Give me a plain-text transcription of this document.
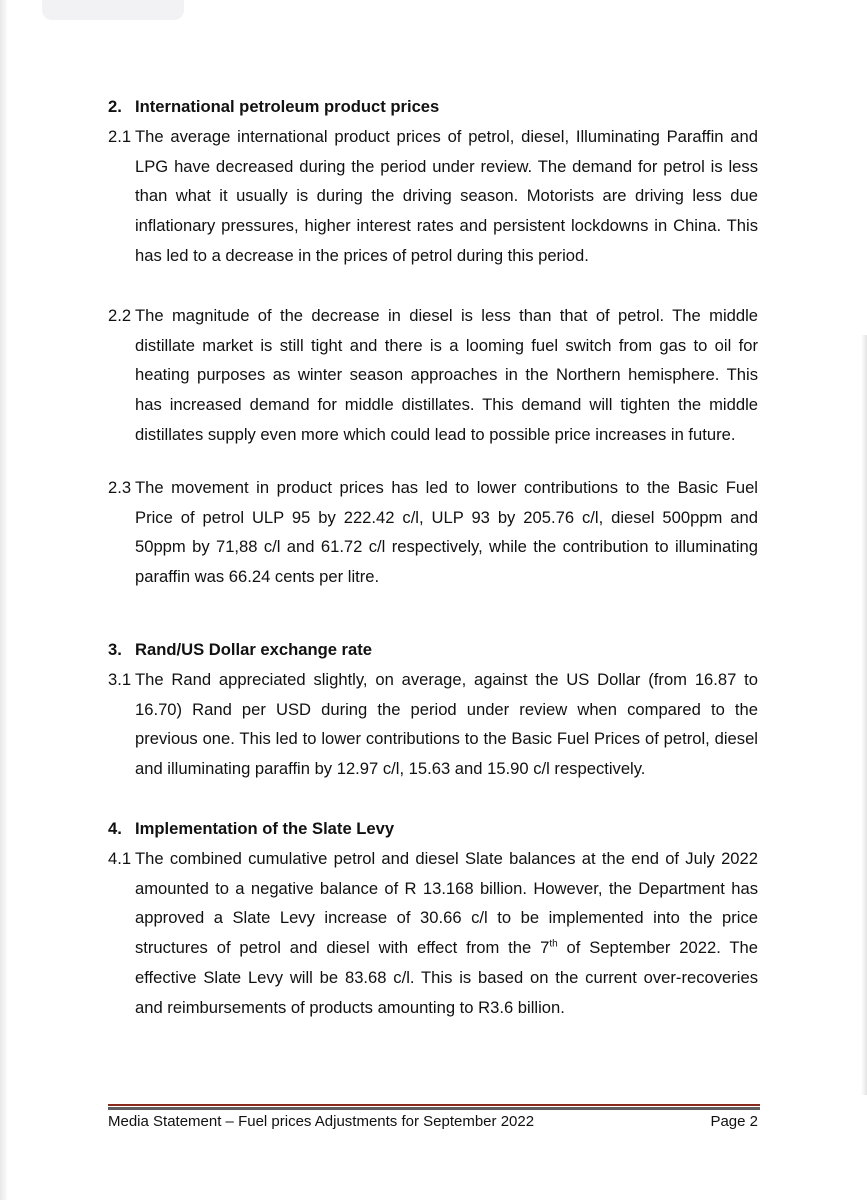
2. International petroleum product prices
2.1 The average international product prices of petrol, diesel, Illuminating Paraffin and LPG have decreased during the period under review. The demand for petrol is less than what it usually is during the driving season. Motorists are driving less due inflationary pressures, higher interest rates and persistent lockdowns in China. This has led to a decrease in the prices of petrol during this period.
2.2 The magnitude of the decrease in diesel is less than that of petrol. The middle distillate market is still tight and there is a looming fuel switch from gas to oil for heating purposes as winter season approaches in the Northern hemisphere. This has increased demand for middle distillates. This demand will tighten the middle distillates supply even more which could lead to possible price increases in future.
2.3 The movement in product prices has led to lower contributions to the Basic Fuel Price of petrol ULP 95 by 222.42 c/l, ULP 93 by 205.76 c/l, diesel 500ppm and 50ppm by 71,88 c/l and 61.72 c/l respectively, while the contribution to illuminating paraffin was 66.24 cents per litre.
3. Rand/US Dollar exchange rate
3.1 The Rand appreciated slightly, on average, against the US Dollar (from 16.87 to 16.70) Rand per USD during the period under review when compared to the previous one. This led to lower contributions to the Basic Fuel Prices of petrol, diesel and illuminating paraffin by 12.97 c/l, 15.63 and 15.90 c/l respectively.
4. Implementation of the Slate Levy
4.1 The combined cumulative petrol and diesel Slate balances at the end of July 2022 amounted to a negative balance of R 13.168 billion. However, the Department has approved a Slate Levy increase of 30.66 c/l to be implemented into the price structures of petrol and diesel with effect from the 7th of September 2022. The effective Slate Levy will be 83.68 c/l. This is based on the current over-recoveries and reimbursements of products amounting to R3.6 billion.
Media Statement – Fuel prices Adjustments for September 2022	Page 2
